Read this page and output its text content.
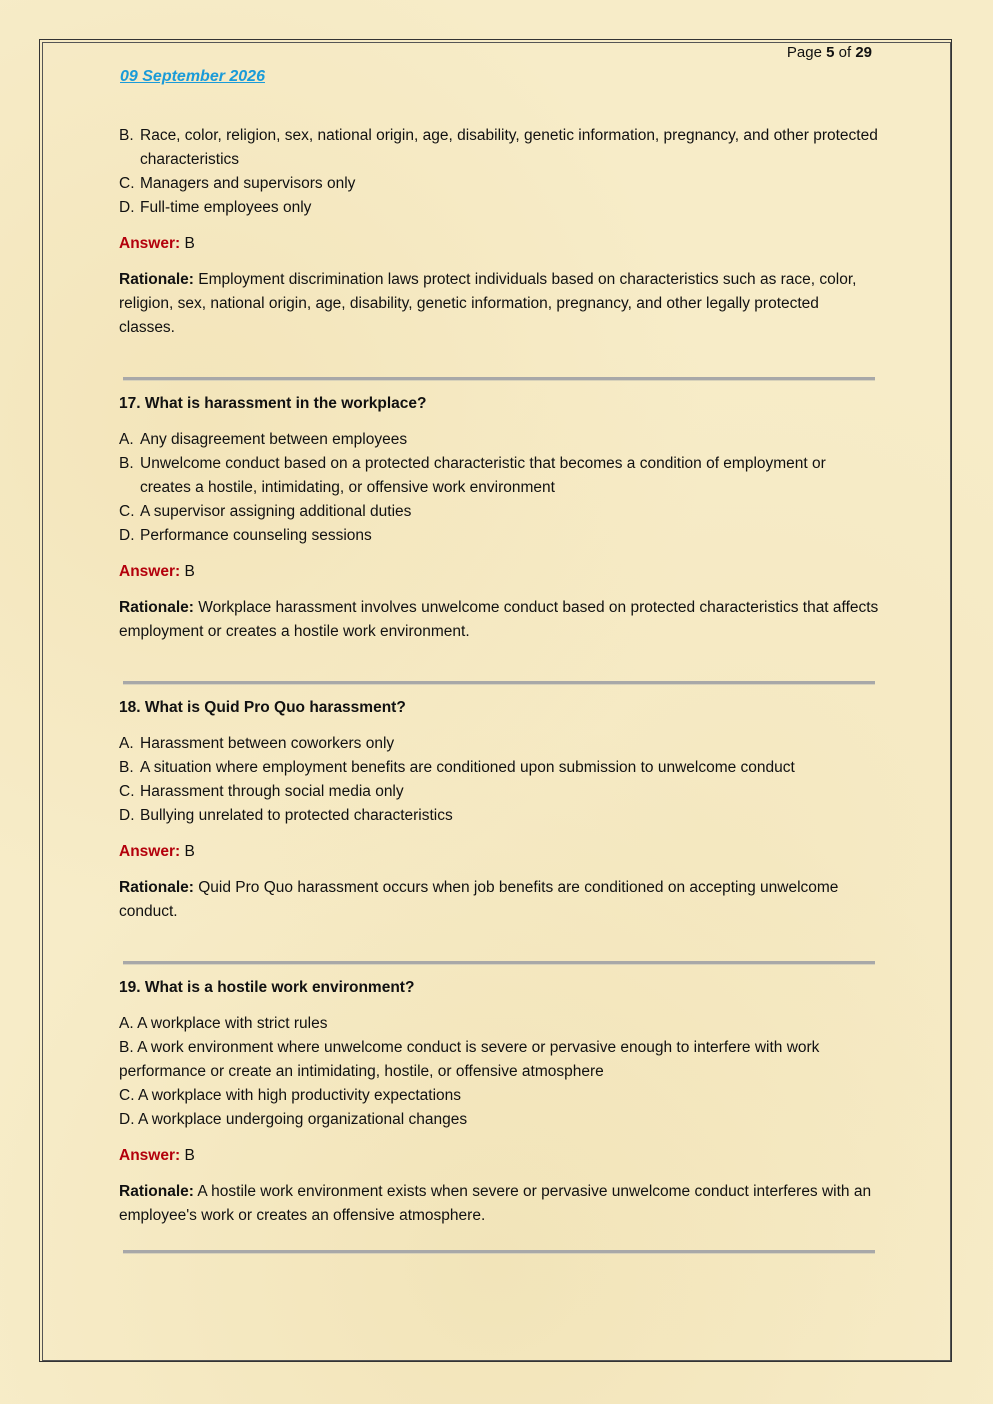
Page 5 of 29
09 September 2026
B. Race, color, religion, sex, national origin, age, disability, genetic information, pregnancy, and other protected characteristics
C. Managers and supervisors only
D. Full-time employees only

Answer: B

Rationale: Employment discrimination laws protect individuals based on characteristics such as race, color, religion, sex, national origin, age, disability, genetic information, pregnancy, and other legally protected classes.

17. What is harassment in the workplace?

A. Any disagreement between employees
B. Unwelcome conduct based on a protected characteristic that becomes a condition of employment or creates a hostile, intimidating, or offensive work environment
C. A supervisor assigning additional duties
D. Performance counseling sessions

Answer: B

Rationale: Workplace harassment involves unwelcome conduct based on protected characteristics that affects employment or creates a hostile work environment.

18. What is Quid Pro Quo harassment?

A. Harassment between coworkers only
B. A situation where employment benefits are conditioned upon submission to unwelcome conduct
C. Harassment through social media only
D. Bullying unrelated to protected characteristics

Answer: B

Rationale: Quid Pro Quo harassment occurs when job benefits are conditioned on accepting unwelcome conduct.

19. What is a hostile work environment?

A. A workplace with strict rules

B. A work environment where unwelcome conduct is severe or pervasive enough to interfere with work performance or create an intimidating, hostile, or offensive atmosphere

C. A workplace with high productivity expectations

D. A workplace undergoing organizational changes

Answer: B

Rationale: A hostile work environment exists when severe or pervasive unwelcome conduct interferes with an employee's work or creates an offensive atmosphere.
